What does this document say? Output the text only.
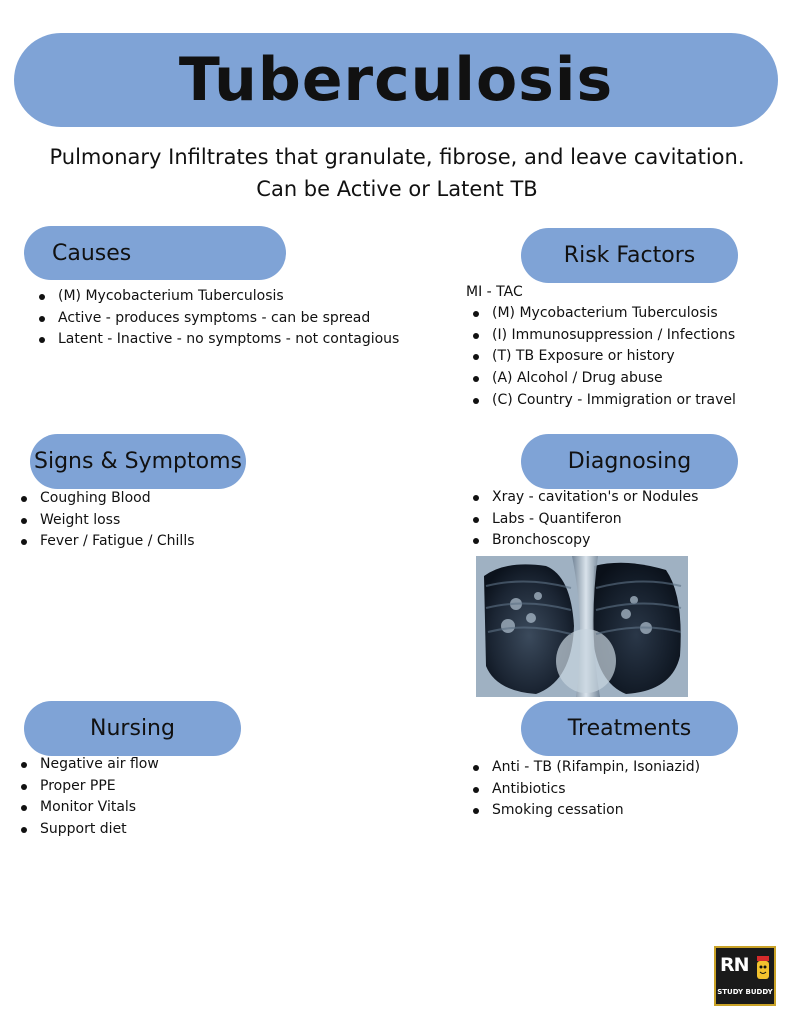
Tuberculosis
Pulmonary Infiltrates that granulate, fibrose, and leave cavitation.
Can be Active or Latent TB
Causes
(M) Mycobacterium Tuberculosis
Active - produces symptoms - can be spread
Latent - Inactive - no symptoms - not contagious
Risk Factors
MI - TAC
(M) Mycobacterium Tuberculosis
(I) Immunosuppression / Infections
(T) TB Exposure or history
(A) Alcohol / Drug abuse
(C) Country - Immigration or travel
Signs & Symptoms
Coughing Blood
Weight loss
Fever / Fatigue / Chills
Diagnosing
Xray - cavitation's or Nodules
Labs - Quantiferon
Bronchoscopy
Nursing
Negative air flow
Proper PPE
Monitor Vitals
Support diet
Treatments
Anti - TB (Rifampin, Isoniazid)
Antibiotics
Smoking cessation
RN
STUDY BUDDY
